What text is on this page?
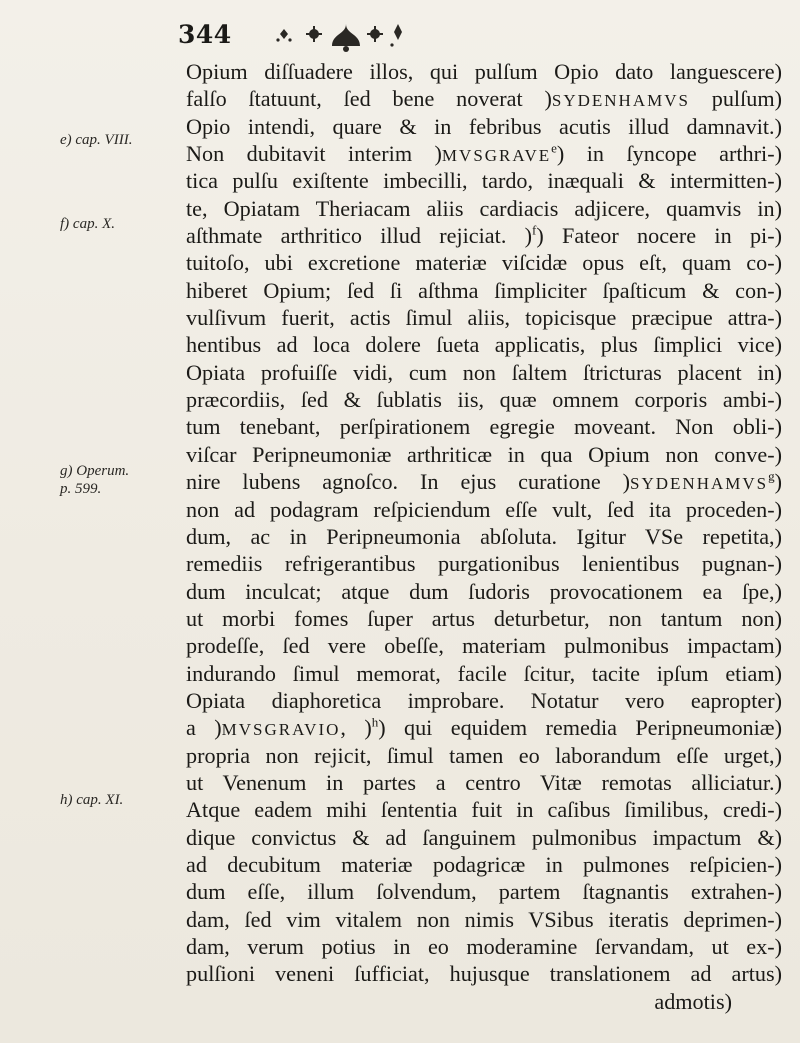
344
e) cap. VIII.
f) cap. X.
g) Operum.
p. 599.
h) cap. XI.
Opium diſſuadere illos, qui pulſum Opio dato languescere)
falſo ſtatuunt, ſed bene noverat )SYDENHAMVS pulſum)
Opio intendi, quare & in febribus acutis illud damnavit.)
Non dubitavit interim )MVSGRAVE$^e$) in ſyncope arthri-)
tica pulſu exiſtente imbecilli, tardo, inæquali & intermitten-)
te, Opiatam Theriacam aliis cardiacis adjicere, quamvis in)
aſthmate arthritico illud rejiciat. )$^f$) Fateor nocere in pi-)
tuitoſo, ubi excretione materiæ viſcidæ opus eſt, quam co-)
hiberet Opium; ſed ſi aſthma ſimpliciter ſpaſticum & con-)
vulſivum fuerit, actis ſimul aliis, topicisque præcipue attra-)
hentibus ad loca dolere ſueta applicatis, plus ſimplici vice)
Opiata profuiſſe vidi, cum non ſaltem ſtricturas placent in)
præcordiis, ſed & ſublatis iis, quæ omnem corporis ambi-)
tum tenebant, perſpirationem egregie moveant. Non obli-)
viſcar Peripneumoniæ arthriticæ in qua Opium non conve-)
nire lubens agnoſco. In ejus curatione )SYDENHAMVS$^g$)
non ad podagram reſpiciendum eſſe vult, ſed ita proceden-)
dum, ac in Peripneumonia abſoluta. Igitur VSe repetita,)
remediis refrigerantibus purgationibus lenientibus pugnan-)
dum inculcat; atque dum ſudoris provocationem ea ſpe,)
ut morbi fomes ſuper artus deturbetur, non tantum non)
prodeſſe, ſed vere obeſſe, materiam pulmonibus impactam)
indurando ſimul memorat, facile ſcitur, tacite ipſum etiam)
Opiata diaphoretica improbare. Notatur vero eapropter)
a )MVSGRAVIO, )$^h$) qui equidem remedia Peripneumoniæ)
propria non rejicit, ſimul tamen eo laborandum eſſe urget,)
ut Venenum in partes a centro Vitæ remotas alliciatur.)
Atque eadem mihi ſententia fuit in caſibus ſimilibus, credi-)
dique convictus & ad ſanguinem pulmonibus impactum &)
ad decubitum materiæ podagricæ in pulmones reſpicien-)
dum eſſe, illum ſolvendum, partem ſtagnantis extrahen-)
dam, ſed vim vitalem non nimis VSibus iteratis deprimen-)
dam, verum potius in eo moderamine ſervandam, ut ex-)
pulſioni veneni ſufficiat, hujusque translationem ad artus)
admotis)
